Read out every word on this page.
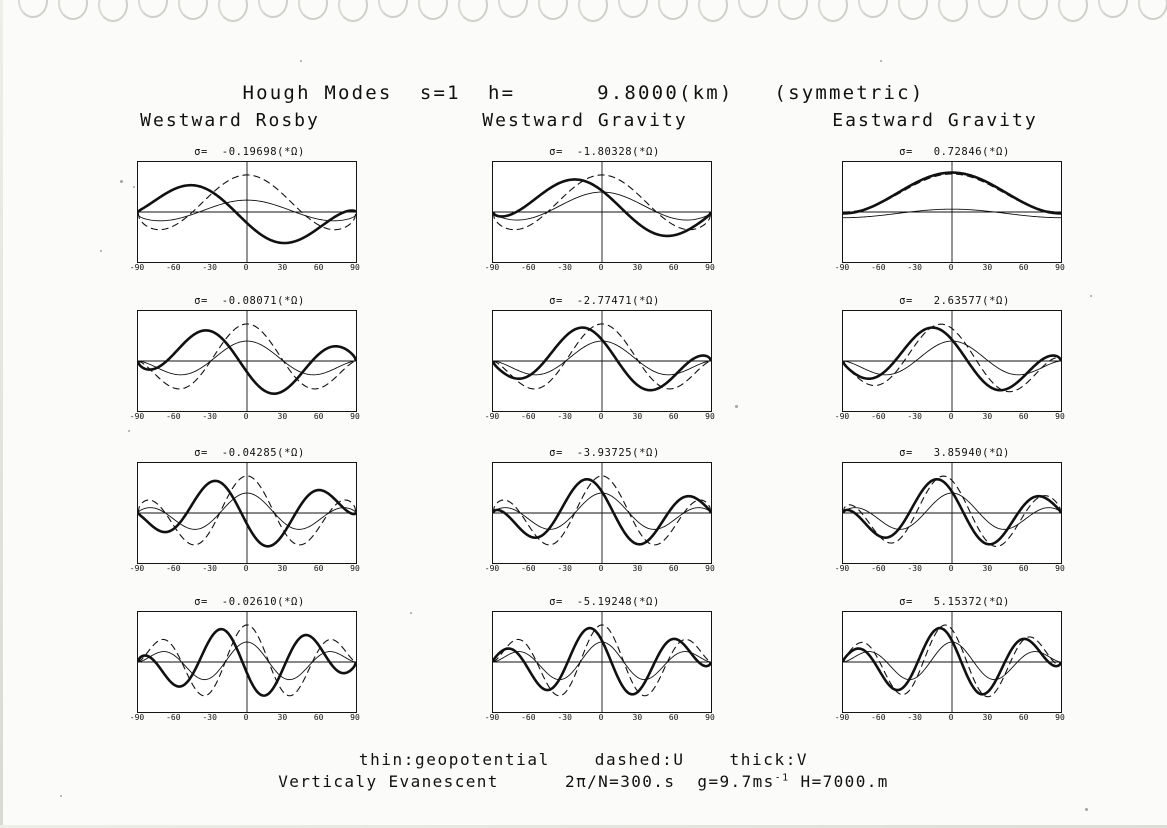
Hough Modes  s=1  h=      9.8000(km)   (symmetric)
Westward Rosby	Westward Gravity	Eastward Gravity
σ=  -0.19698(*Ω)
-90	-60	-30	0	30	60	90
σ=  -1.80328(*Ω)
-90	-60	-30	0	30	60	90
σ=   0.72846(*Ω)
-90	-60	-30	0	30	60	90
σ=  -0.08071(*Ω)
-90	-60	-30	0	30	60	90
σ=  -2.77471(*Ω)
-90	-60	-30	0	30	60	90
σ=   2.63577(*Ω)
-90	-60	-30	0	30	60	90
σ=  -0.04285(*Ω)
-90	-60	-30	0	30	60	90
σ=  -3.93725(*Ω)
-90	-60	-30	0	30	60	90
σ=   3.85940(*Ω)
-90	-60	-30	0	30	60	90
σ=  -0.02610(*Ω)
-90	-60	-30	0	30	60	90
σ=  -5.19248(*Ω)
-90	-60	-30	0	30	60	90
σ=   5.15372(*Ω)
-90	-60	-30	0	30	60	90
thin:geopotential    dashed:U    thick:V
Verticaly Evanescent      2π/N=300.s  $g=9.7ms^{-1}$ H=7000.m
